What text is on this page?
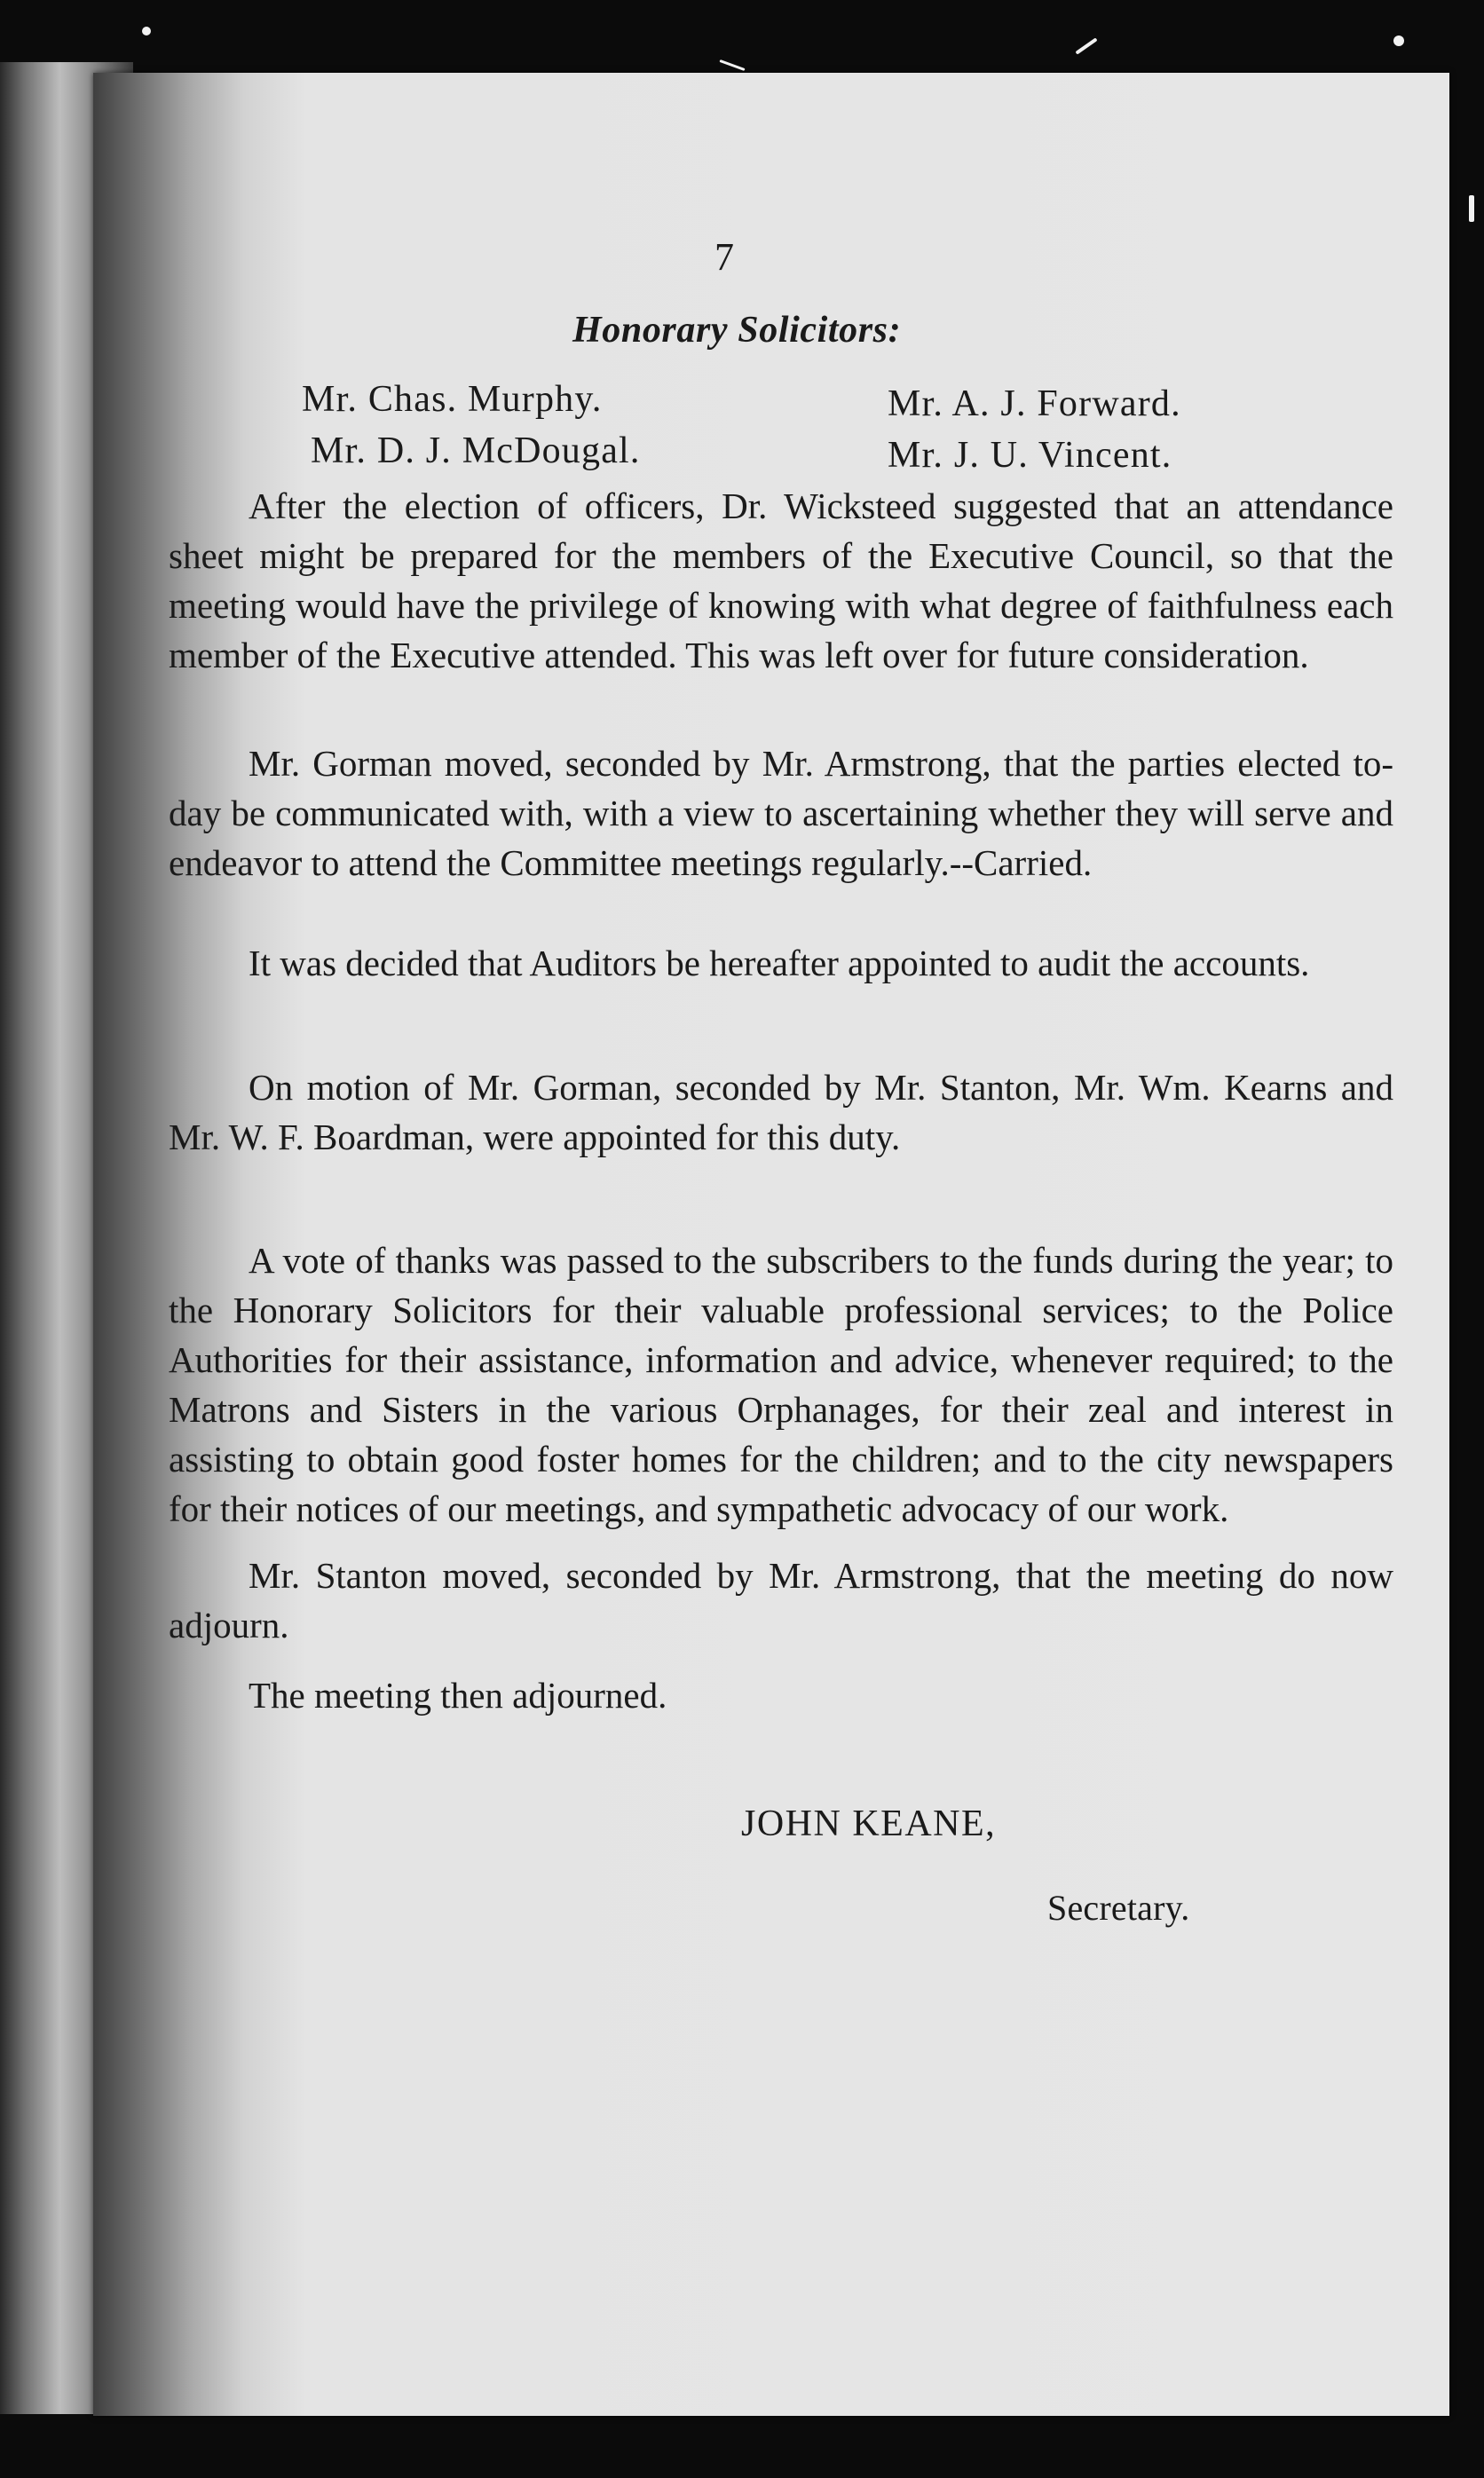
7
Honorary Solicitors:
Mr. Chas. Murphy.
Mr. D. J. McDougal.
Mr. A. J. Forward.
Mr. J. U. Vincent.
After the election of officers, Dr. Wicksteed suggested that an attendance sheet might be prepared for the members of the Executive Council, so that the meeting would have the privilege of knowing with what degree of faithfulness each member of the Executive attended. This was left over for future consideration.
Mr. Gorman moved, seconded by Mr. Armstrong, that the parties elected to-day be communicated with, with a view to ascertaining whether they will serve and endeavor to attend the Committee meetings regularly.--Carried.
It was decided that Auditors be hereafter appointed to audit the accounts.
On motion of Mr. Gorman, seconded by Mr. Stanton, Mr. Wm. Kearns and Mr. W. F. Boardman, were appointed for this duty.
A vote of thanks was passed to the subscribers to the funds during the year; to the Honorary Solicitors for their valuable professional services; to the Police Authorities for their assistance, information and advice, whenever required; to the Matrons and Sisters in the various Orphanages, for their zeal and interest in assisting to obtain good foster homes for the children; and to the city newspapers for their notices of our meetings, and sympathetic advocacy of our work.
Mr. Stanton moved, seconded by Mr. Armstrong, that the meeting do now adjourn.
The meeting then adjourned.
JOHN KEANE,
Secretary.
